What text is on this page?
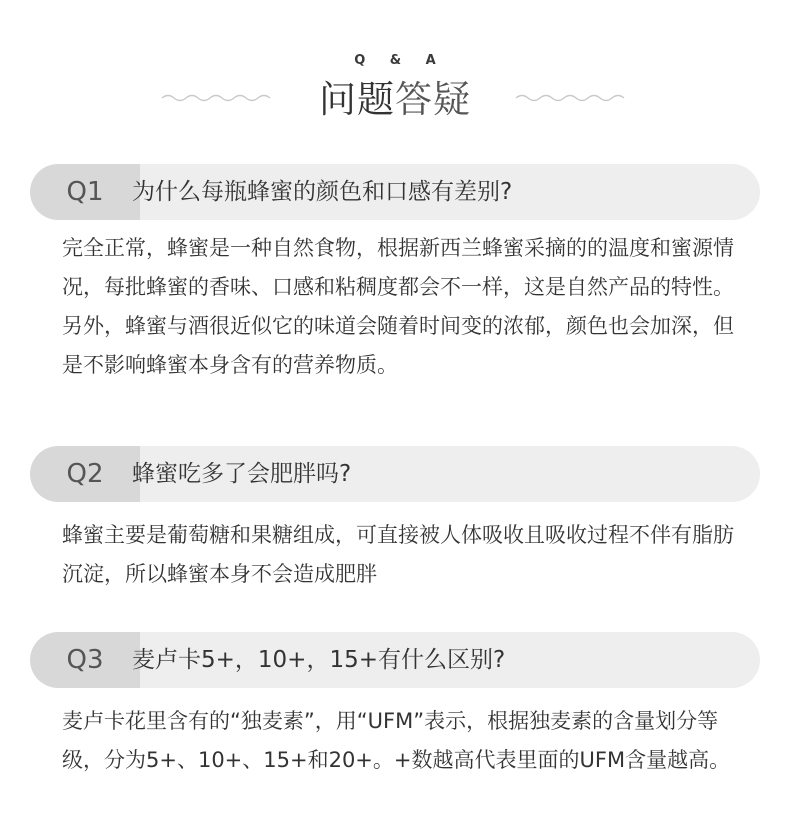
Q & A
问题答疑
Q1	为什么每瓶蜂蜜的颜色和口感有差别?
完全正常，蜂蜜是一种自然食物，根据新西兰蜂蜜采摘的的温度和蜜源情况，每批蜂蜜的香味、口感和粘稠度都会不一样，这是自然产品的特性。另外，蜂蜜与酒很近似它的味道会随着时间变的浓郁，颜色也会加深，但是不影响蜂蜜本身含有的营养物质。
Q2	蜂蜜吃多了会肥胖吗?
蜂蜜主要是葡萄糖和果糖组成，可直接被人体吸收且吸收过程不伴有脂肪沉淀，所以蜂蜜本身不会造成肥胖
Q3	麦卢卡5+，10+，15+有什么区别?
麦卢卡花里含有的“独麦素”，用“UFM”表示，根据独麦素的含量划分等级，分为5+、10+、15+和20+。+数越高代表里面的UFM含量越高。
